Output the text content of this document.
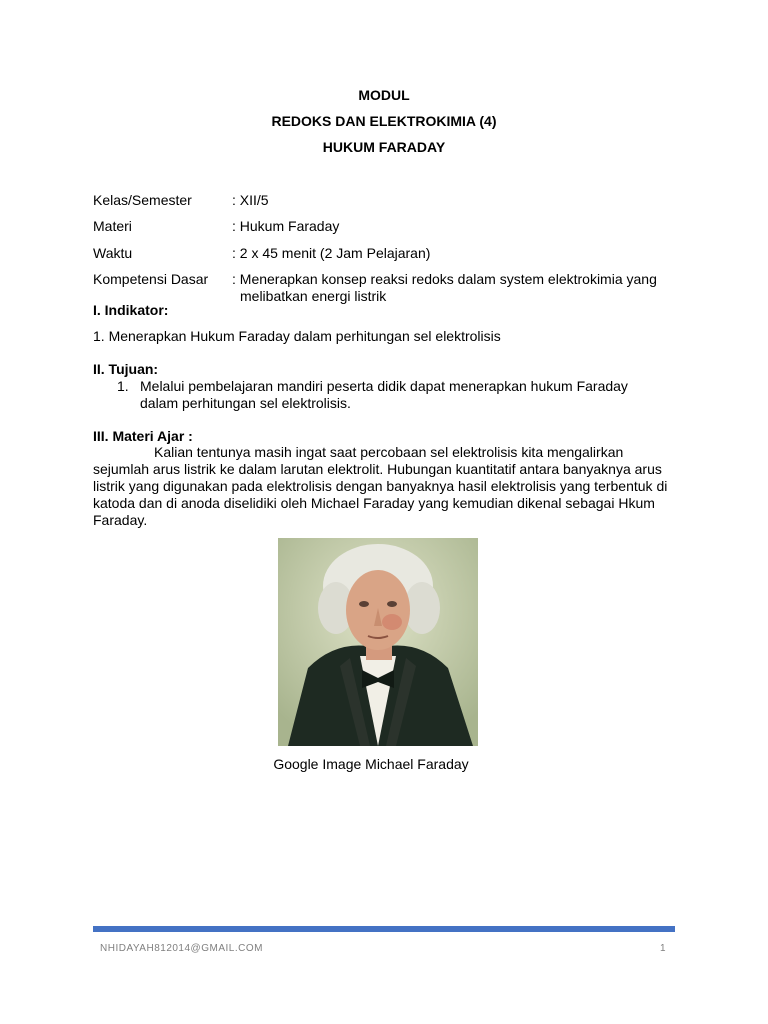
MODUL
REDOKS DAN ELEKTROKIMIA (4)
HUKUM FARADAY
Kelas/Semester	: XII/5
Materi	: Hukum Faraday
Waktu	: 2 x 45 menit (2 Jam Pelajaran)
Kompetensi Dasar : Menerapkan konsep reaksi redoks dalam system elektrokimia yang
melibatkan energi listrik
I. Indikator:
1. Menerapkan Hukum Faraday dalam perhitungan sel elektrolisis
II. Tujuan:
1. Melalui pembelajaran mandiri peserta didik dapat menerapkan hukum Faraday
dalam perhitungan sel elektrolisis.
III. Materi Ajar :
Kalian tentunya masih ingat saat percobaan sel elektrolisis kita mengalirkan
sejumlah arus listrik ke dalam larutan elektrolit. Hubungan kuantitatif antara banyaknya arus
listrik yang digunakan pada elektrolisis dengan banyaknya hasil elektrolisis yang terbentuk di
katoda dan di anoda diselidiki oleh Michael Faraday yang kemudian dikenal sebagai Hkum
Faraday.
Google Image Michael Faraday
NHIDAYAH812014@GMAIL.COM	1
